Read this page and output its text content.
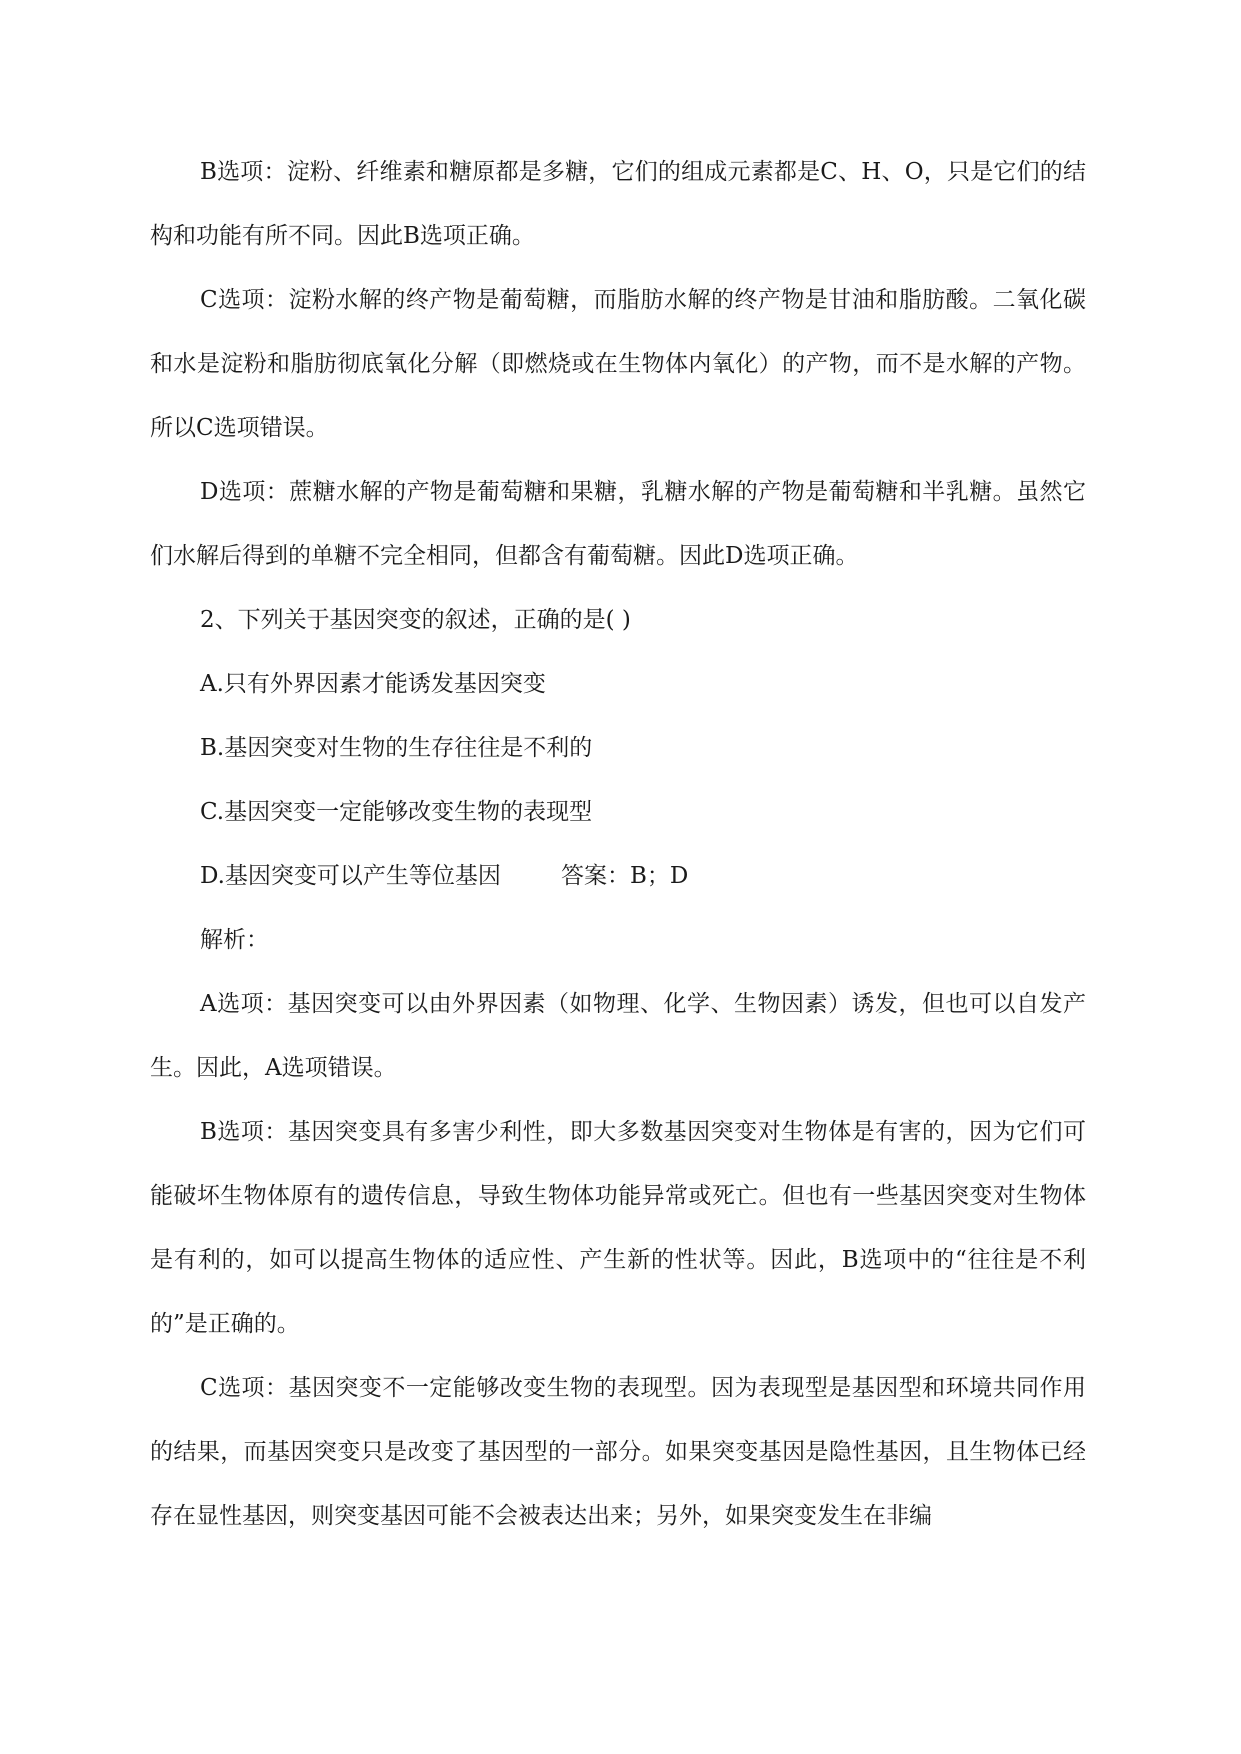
B选项：淀粉、纤维素和糖原都是多糖，它们的组成元素都是C、H、O，只是它们的结构和功能有所不同。因此B选项正确。

C选项：淀粉水解的终产物是葡萄糖，而脂肪水解的终产物是甘油和脂肪酸。二氧化碳和水是淀粉和脂肪彻底氧化分解（即燃烧或在生物体内氧化）的产物，而不是水解的产物。所以C选项错误。

D选项：蔗糖水解的产物是葡萄糖和果糖，乳糖水解的产物是葡萄糖和半乳糖。虽然它们水解后得到的单糖不完全相同，但都含有葡萄糖。因此D选项正确。

2、下列关于基因突变的叙述，正确的是( )

A.只有外界因素才能诱发基因突变

B.基因突变对生物的生存往往是不利的

C.基因突变一定能够改变生物的表现型

D.基因突变可以产生等位基因	答案：B；D

解析：

A选项：基因突变可以由外界因素（如物理、化学、生物因素）诱发，但也可以自发产生。因此，A选项错误。

B选项：基因突变具有多害少利性，即大多数基因突变对生物体是有害的，因为它们可能破坏生物体原有的遗传信息，导致生物体功能异常或死亡。但也有一些基因突变对生物体是有利的，如可以提高生物体的适应性、产生新的性状等。因此，B选项中的“往往是不利的”是正确的。

C选项：基因突变不一定能够改变生物的表现型。因为表现型是基因型和环境共同作用的结果，而基因突变只是改变了基因型的一部分。如果突变基因是隐性基因，且生物体已经存在显性基因，则突变基因可能不会被表达出来；另外，如果突变发生在非编
